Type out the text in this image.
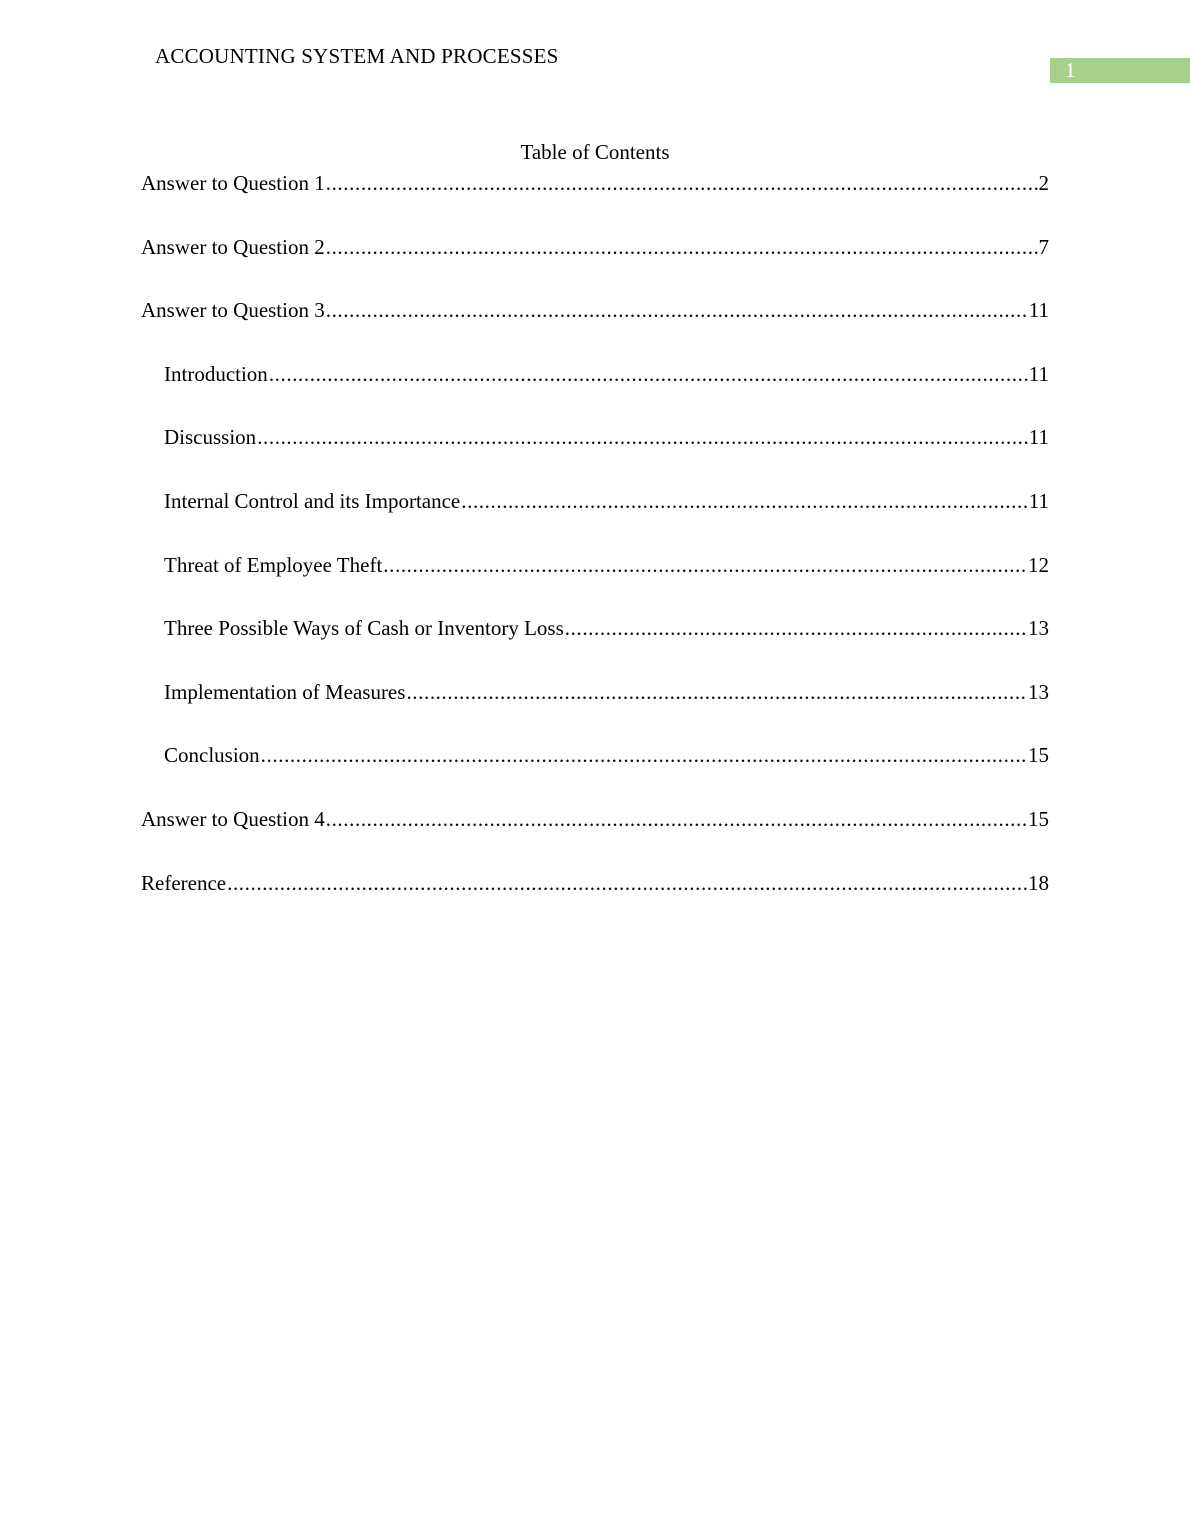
ACCOUNTING SYSTEM AND PROCESSES
1
Table of Contents
Answer to Question 1 .....	2
Answer to Question 2 .....	7
Answer to Question 3 .....	11
Introduction .....	11
Discussion .....	11
Internal Control and its Importance .....	11
Threat of Employee Theft .....	12
Three Possible Ways of Cash or Inventory Loss .....	13
Implementation of Measures .....	13
Conclusion .....	15
Answer to Question 4 .....	15
Reference .....	18
